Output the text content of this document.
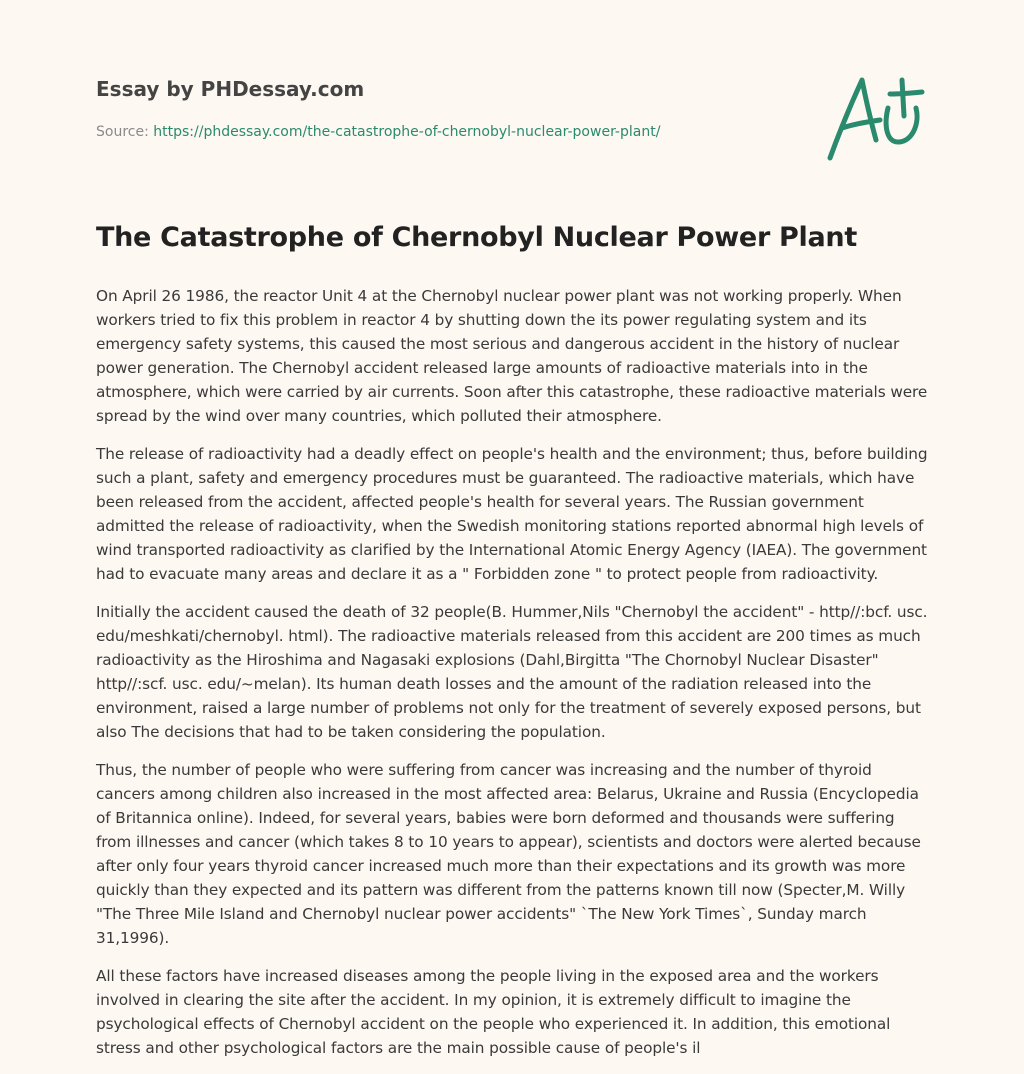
Essay by PHDessay.com
Source: https://phdessay.com/the-catastrophe-of-chernobyl-nuclear-power-plant/
The Catastrophe of Chernobyl Nuclear Power Plant

On April 26 1986, the reactor Unit 4 at the Chernobyl nuclear power plant was not working properly. When workers tried to fix this problem in reactor 4 by shutting down the its power regulating system and its emergency safety systems, this caused the most serious and dangerous accident in the history of nuclear power generation. The Chernobyl accident released large amounts of radioactive materials into in the atmosphere, which were carried by air currents. Soon after this catastrophe, these radioactive materials were spread by the wind over many countries, which polluted their atmosphere.

The release of radioactivity had a deadly effect on people's health and the environment; thus, before building such a plant, safety and emergency procedures must be guaranteed. The radioactive materials, which have been released from the accident, affected people's health for several years. The Russian government admitted the release of radioactivity, when the Swedish monitoring stations reported abnormal high levels of wind transported radioactivity as clarified by the International Atomic Energy Agency (IAEA). The government had to evacuate many areas and declare it as a " Forbidden zone " to protect people from radioactivity.

Initially the accident caused the death of 32 people(B. Hummer,Nils "Chernobyl the accident" - http//:bcf. usc. edu/meshkati/chernobyl. html). The radioactive materials released from this accident are 200 times as much radioactivity as the Hiroshima and Nagasaki explosions (Dahl,Birgitta "The Chornobyl Nuclear Disaster" http//:scf. usc. edu/~melan). Its human death losses and the amount of the radiation released into the environment, raised a large number of problems not only for the treatment of severely exposed persons, but also The decisions that had to be taken considering the population.

Thus, the number of people who were suffering from cancer was increasing and the number of thyroid cancers among children also increased in the most affected area: Belarus, Ukraine and Russia (Encyclopedia of Britannica online). Indeed, for several years, babies were born deformed and thousands were suffering from illnesses and cancer (which takes 8 to 10 years to appear), scientists and doctors were alerted because after only four years thyroid cancer increased much more than their expectations and its growth was more quickly than they expected and its pattern was different from the patterns known till now (Specter,M. Willy "The Three Mile Island and Chernobyl nuclear power accidents" `The New York Times`, Sunday march 31,1996).

All these factors have increased diseases among the people living in the exposed area and the workers involved in clearing the site after the accident. In my opinion, it is extremely difficult to imagine the psychological effects of Chernobyl accident on the people who experienced it. In addition, this emotional stress and other psychological factors are the main possible cause of people's il
